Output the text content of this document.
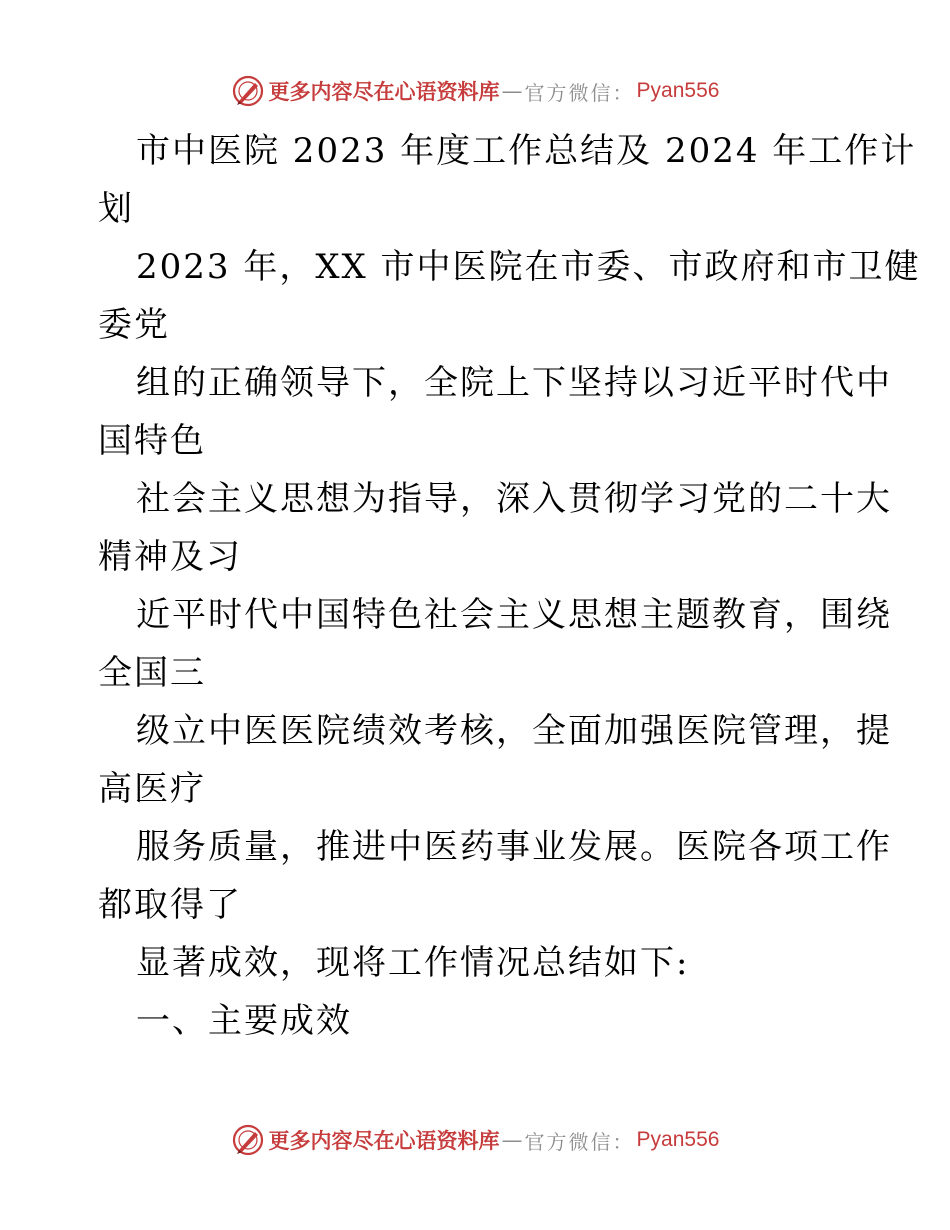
更多内容尽在心语资料库 — 官方微信 ： Pyan556
市中医院 2023 年度工作总结及 2024 年工作计
划
2023 年，XX 市中医院在市委、市政府和市卫健
委党
组的正确领导下，全院上下坚持以习近平时代中
国特色
社会主义思想为指导，深入贯彻学习党的二十大
精神及习
近平时代中国特色社会主义思想主题教育，围绕
全国三
级立中医医院绩效考核，全面加强医院管理，提
高医疗
服务质量，推进中医药事业发展。医院各项工作
都取得了
显著成效，现将工作情况总结如下:
一、主要成效
更多内容尽在心语资料库 — 官方微信 ： Pyan556
